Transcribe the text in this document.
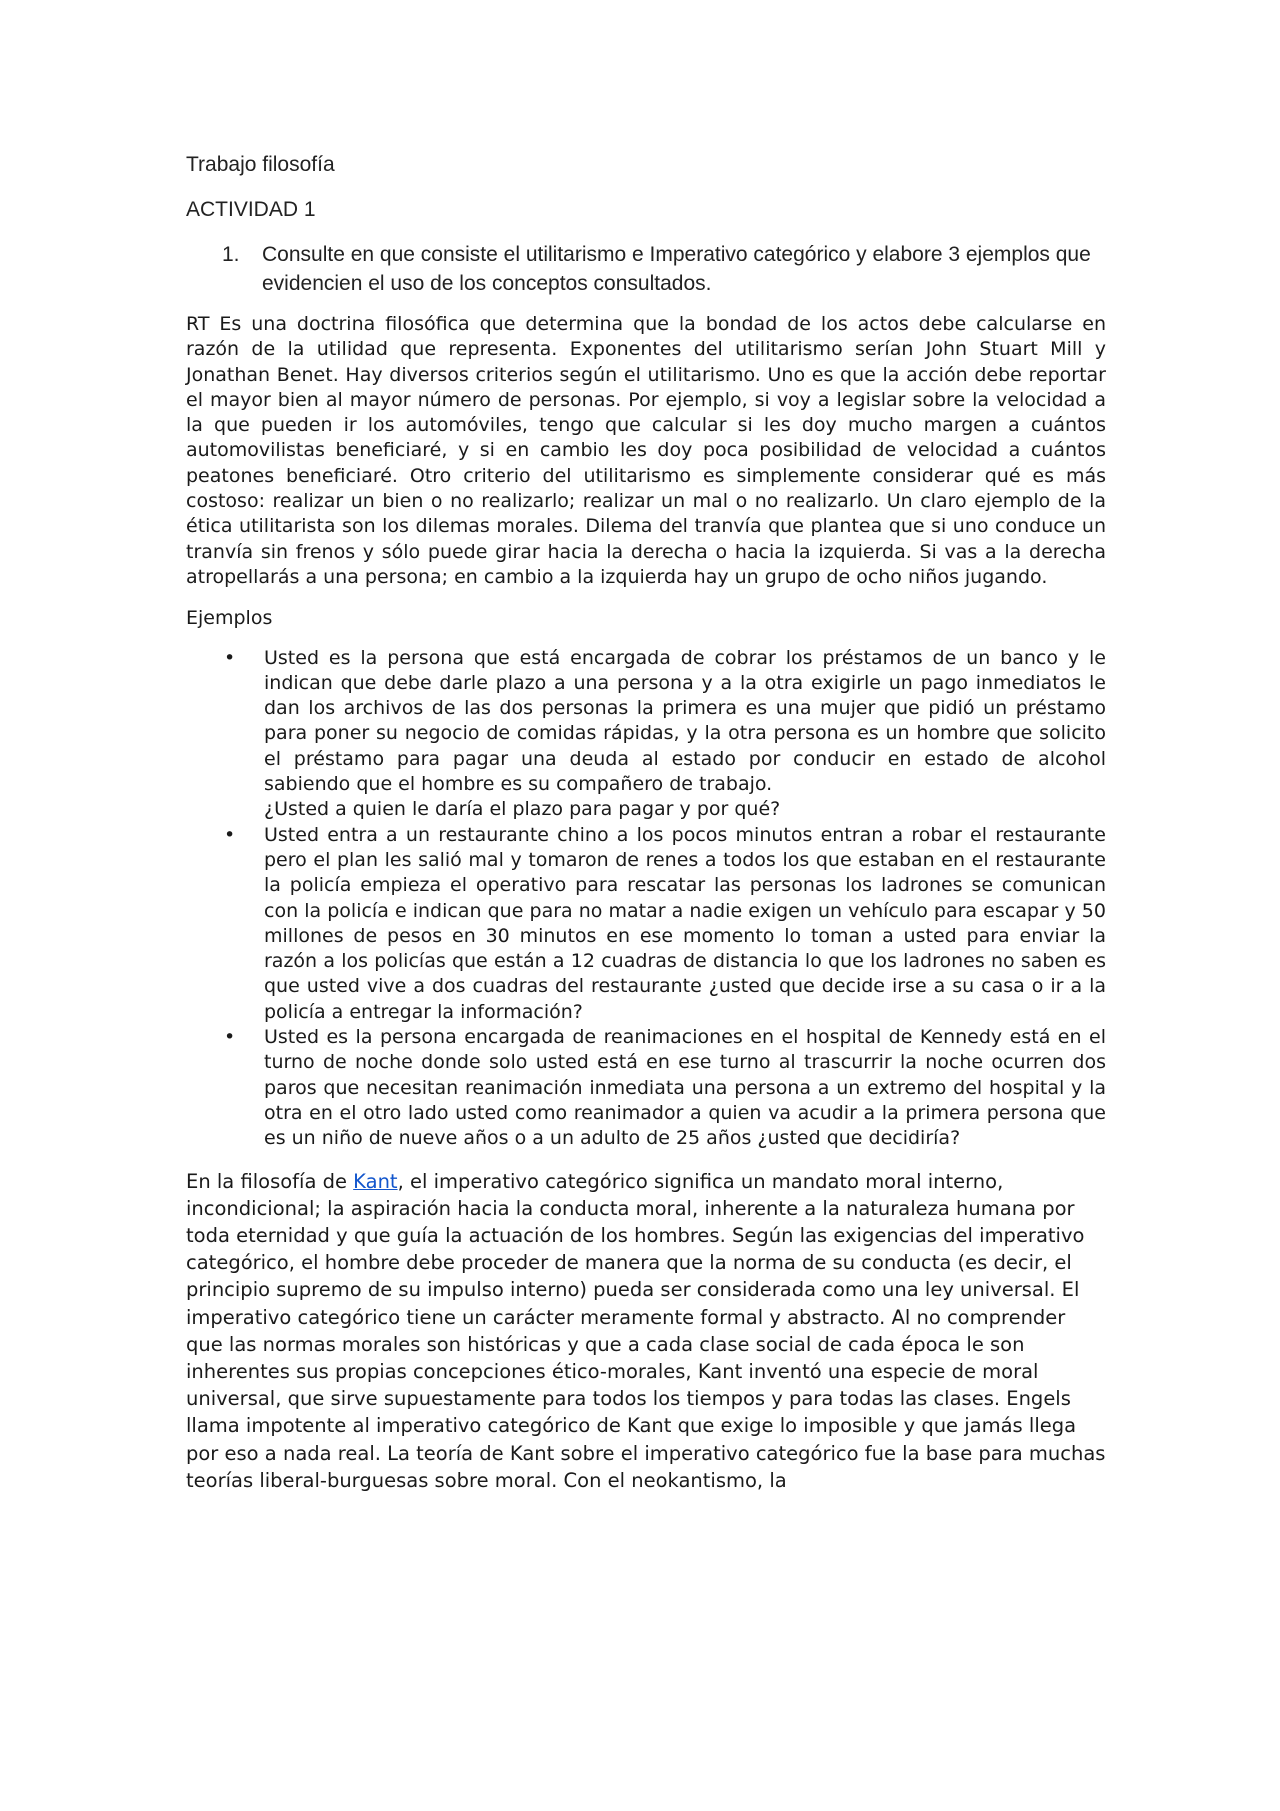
Trabajo filosofía

ACTIVIDAD 1

1.	Consulte en que consiste el utilitarismo e Imperativo categórico y elabore 3 ejemplos que evidencien el uso de los conceptos consultados.

RT Es una doctrina filosófica que determina que la bondad de los actos debe calcularse en razón de la utilidad que representa. Exponentes del utilitarismo serían John Stuart Mill y Jonathan Benet. Hay diversos criterios según el utilitarismo. Uno es que la acción debe reportar el mayor bien al mayor número de personas. Por ejemplo, si voy a legislar sobre la velocidad a la que pueden ir los automóviles, tengo que calcular si les doy mucho margen a cuántos automovilistas beneficiaré, y si en cambio les doy poca posibilidad de velocidad a cuántos peatones beneficiaré. Otro criterio del utilitarismo es simplemente considerar qué es más costoso: realizar un bien o no realizarlo; realizar un mal o no realizarlo. Un claro ejemplo de la ética utilitarista son los dilemas morales. Dilema del tranvía que plantea que si uno conduce un tranvía sin frenos y sólo puede girar hacia la derecha o hacia la izquierda. Si vas a la derecha atropellarás a una persona; en cambio a la izquierda hay un grupo de ocho niños jugando.

Ejemplos

• Usted es la persona que está encargada de cobrar los préstamos de un banco y le indican que debe darle plazo a una persona y a la otra exigirle un pago inmediatos le dan los archivos de las dos personas la primera es una mujer que pidió un préstamo para poner su negocio de comidas rápidas, y la otra persona es un hombre que solicito el préstamo para pagar una deuda al estado por conducir en estado de alcohol sabiendo que el hombre es su compañero de trabajo.
¿Usted a quien le daría el plazo para pagar y por qué?
• Usted entra a un restaurante chino a los pocos minutos entran a robar el restaurante pero el plan les salió mal y tomaron de renes a todos los que estaban en el restaurante la policía empieza el operativo para rescatar las personas los ladrones se comunican con la policía e indican que para no matar a nadie exigen un vehículo para escapar y 50 millones de pesos en 30 minutos en ese momento lo toman a usted para enviar la razón a los policías que están a 12 cuadras de distancia lo que los ladrones no saben es que usted vive a dos cuadras del restaurante ¿usted que decide irse a su casa o ir a la policía a entregar la información?
• Usted es la persona encargada de reanimaciones en el hospital de Kennedy está en el turno de noche donde solo usted está en ese turno al trascurrir la noche ocurren dos paros que necesitan reanimación inmediata una persona a un extremo del hospital y la otra en el otro lado usted como reanimador a quien va acudir a la primera persona que es un niño de nueve años o a un adulto de 25 años ¿usted que decidiría?

En la filosofía de Kant, el imperativo categórico significa un mandato moral interno, incondicional; la aspiración hacia la conducta moral, inherente a la naturaleza humana por toda eternidad y que guía la actuación de los hombres. Según las exigencias del imperativo categórico, el hombre debe proceder de manera que la norma de su conducta (es decir, el principio supremo de su impulso interno) pueda ser considerada como una ley universal. El imperativo categórico tiene un carácter meramente formal y abstracto. Al no comprender que las normas morales son históricas y que a cada clase social de cada época le son inherentes sus propias concepciones ético-morales, Kant inventó una especie de moral universal, que sirve supuestamente para todos los tiempos y para todas las clases. Engels llama impotente al imperativo categórico de Kant que exige lo imposible y que jamás llega por eso a nada real. La teoría de Kant sobre el imperativo categórico fue la base para muchas teorías liberal-burguesas sobre moral. Con el neokantismo, la
